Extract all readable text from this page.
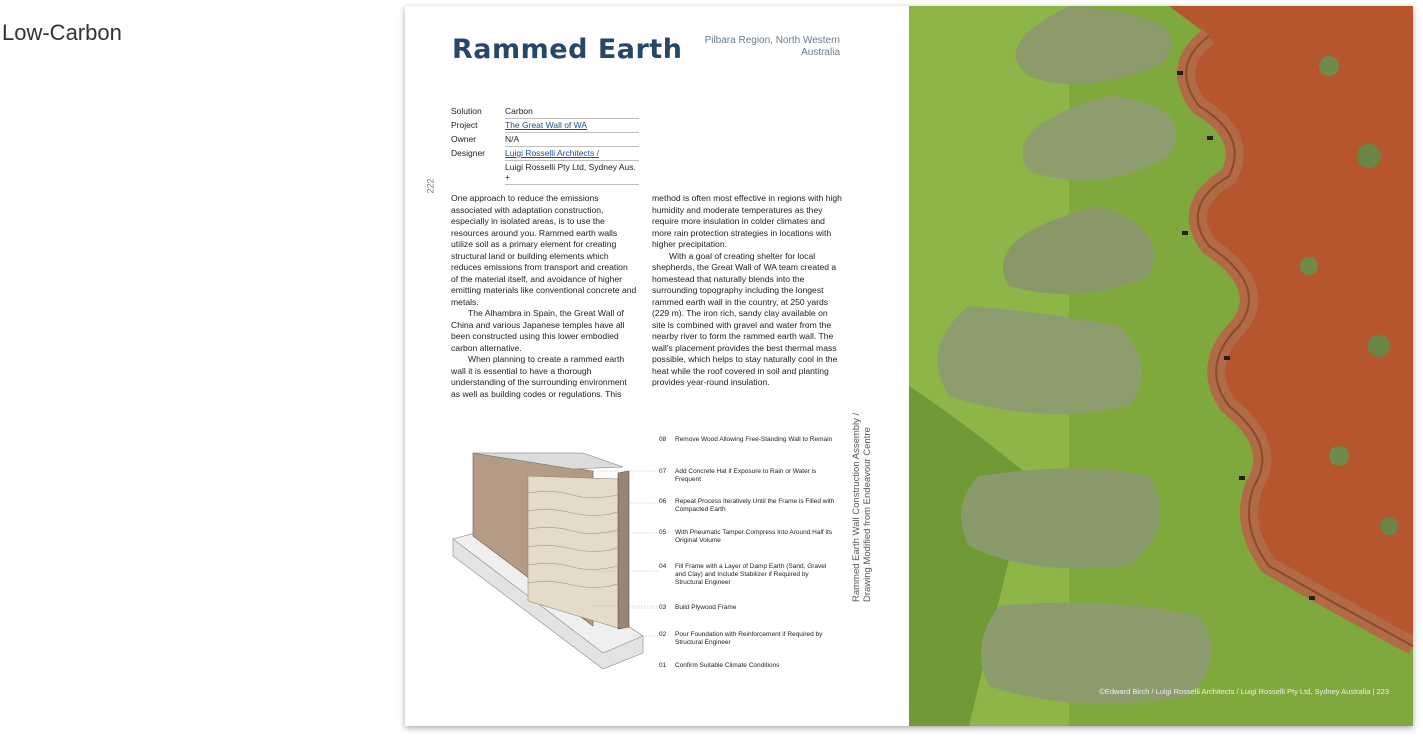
Low-Carbon
Rammed Earth	Pilbara Region, North Western Australia
222
Solution	Carbon
Project	The Great Wall of WA
Owner	N/A
Designer	Luigi Rosselli Architects /
	Luigi Rosselli Pty Ltd, Sydney Aus. +

One approach to reduce the emissions associated with adaptation construction, especially in isolated areas, is to use the resources around you. Rammed earth walls utilize soil as a primary element for creating structural land or building elements which reduces emissions from transport and creation of the material itself, and avoidance of higher emitting materials like conventional concrete and metals.

The Alhambra in Spain, the Great Wall of China and various Japanese temples have all been constructed using this lower embodied carbon alternative.

When planning to create a rammed earth wall it is essential to have a thorough understanding of the surrounding environment as well as building codes or regulations. This

method is often most effective in regions with high humidity and moderate temperatures as they require more insulation in colder climates and more rain protection strategies in locations with higher precipitation.

With a goal of creating shelter for local shepherds, the Great Wall of WA team created a homestead that naturally blends into the surrounding topography including the longest rammed earth wall in the country, at 250 yards (229 m). The iron rich, sandy clay available on site is combined with gravel and water from the nearby river to form the rammed earth wall. The wall's placement provides the best thermal mass possible, which helps to stay naturally cool in the heat while the roof covered in soil and planting provides year-round insulation.

08	Remove Wood Allowing Free-Standing Wall to Remain
07	Add Concrete Hat if Exposure to Rain or Water is Frequent
06	Repeat Process Iteratively Until the Frame is Filled with Compacted Earth
05	With Pneumatic Tamper Compress Into Around Half its Original Volume
04	Fill Frame with a Layer of Damp Earth (Sand, Gravel and Clay) and Include Stabilizer if Required by Structural Engineer
03	Build Plywood Frame
02	Pour Foundation with Reinforcement if Required by Structural Engineer
01	Confirm Suitable Climate Conditions
Rammed Earth Wall Construction Assembly / Drawing Modified from Endeavour Centre
©Edward Birch / Luigi Rosselli Architects / Luigi Rosselli Pty Ltd, Sydney Australia | 223
